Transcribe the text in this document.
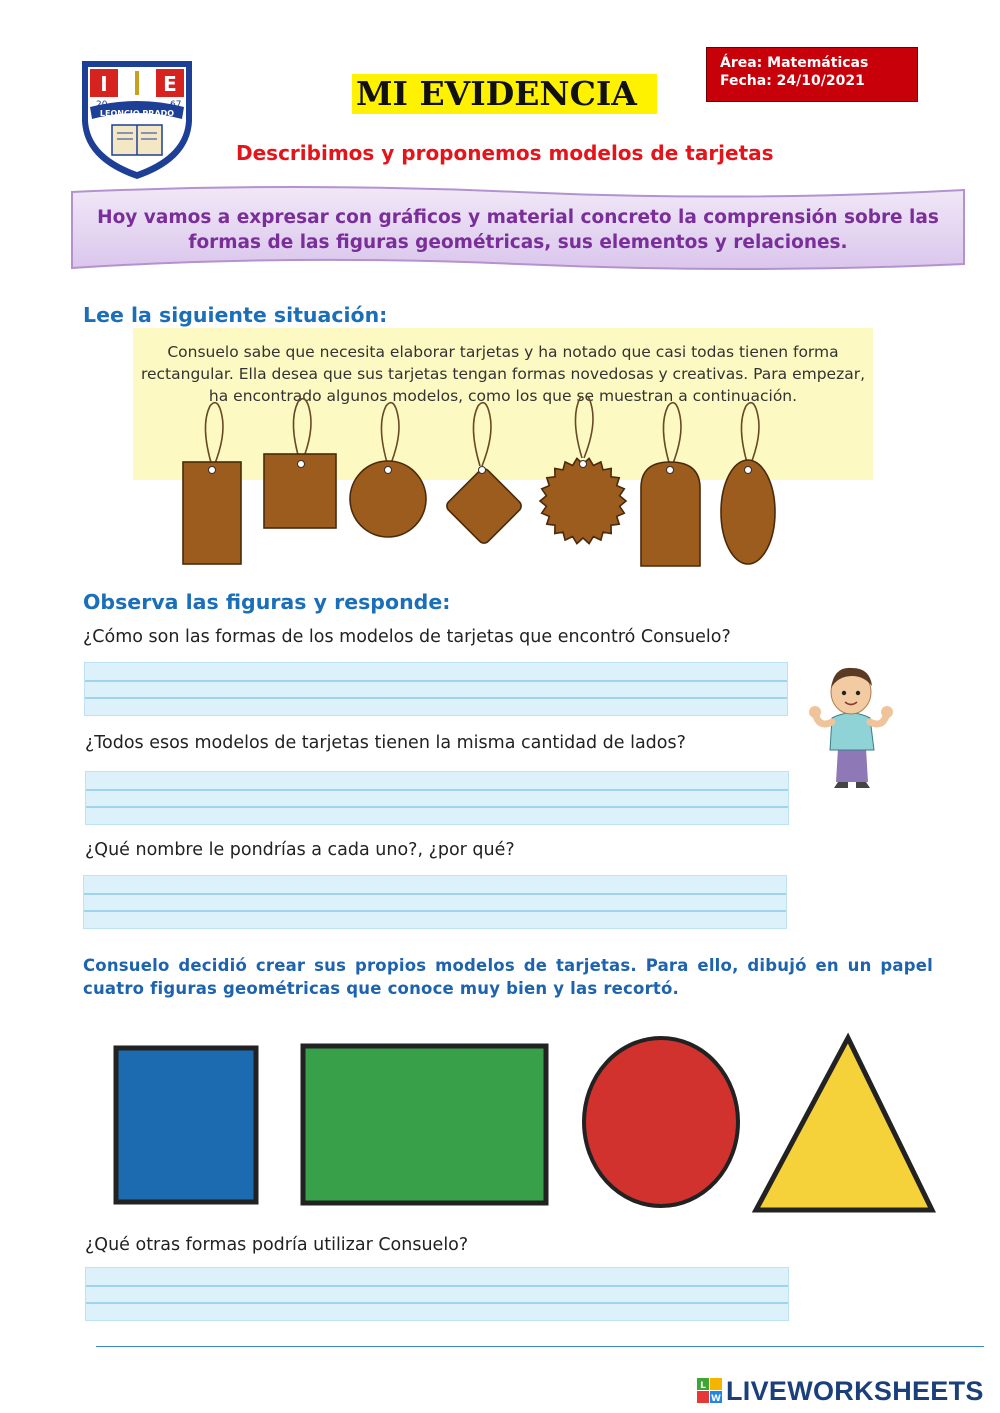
I	E
20	67
LEONCIO PRADO
MI EVIDENCIA
Área: Matemáticas
Fecha: 24/10/2021
Describimos y proponemos modelos de tarjetas
Hoy vamos a expresar con gráficos y material concreto la comprensión sobre las formas de las figuras geométricas, sus elementos y relaciones.
Lee la siguiente situación:
Consuelo sabe que necesita elaborar tarjetas y ha notado que casi todas tienen forma rectangular. Ella desea que sus tarjetas tengan formas novedosas y creativas. Para empezar, ha encontrado algunos modelos, como los que se muestran a continuación.
Observa las figuras y responde:
¿Cómo son las formas de los modelos de tarjetas que encontró Consuelo?
¿Todos esos modelos de tarjetas tienen la misma cantidad de lados?
¿Qué nombre le pondrías a cada uno?, ¿por qué?
Consuelo decidió crear sus propios modelos de tarjetas. Para ello, dibujó en un papel cuatro figuras geométricas que conoce muy bien y las recortó.
¿Qué otras formas podría utilizar Consuelo?
L
W LIVEWORKSHEETS
